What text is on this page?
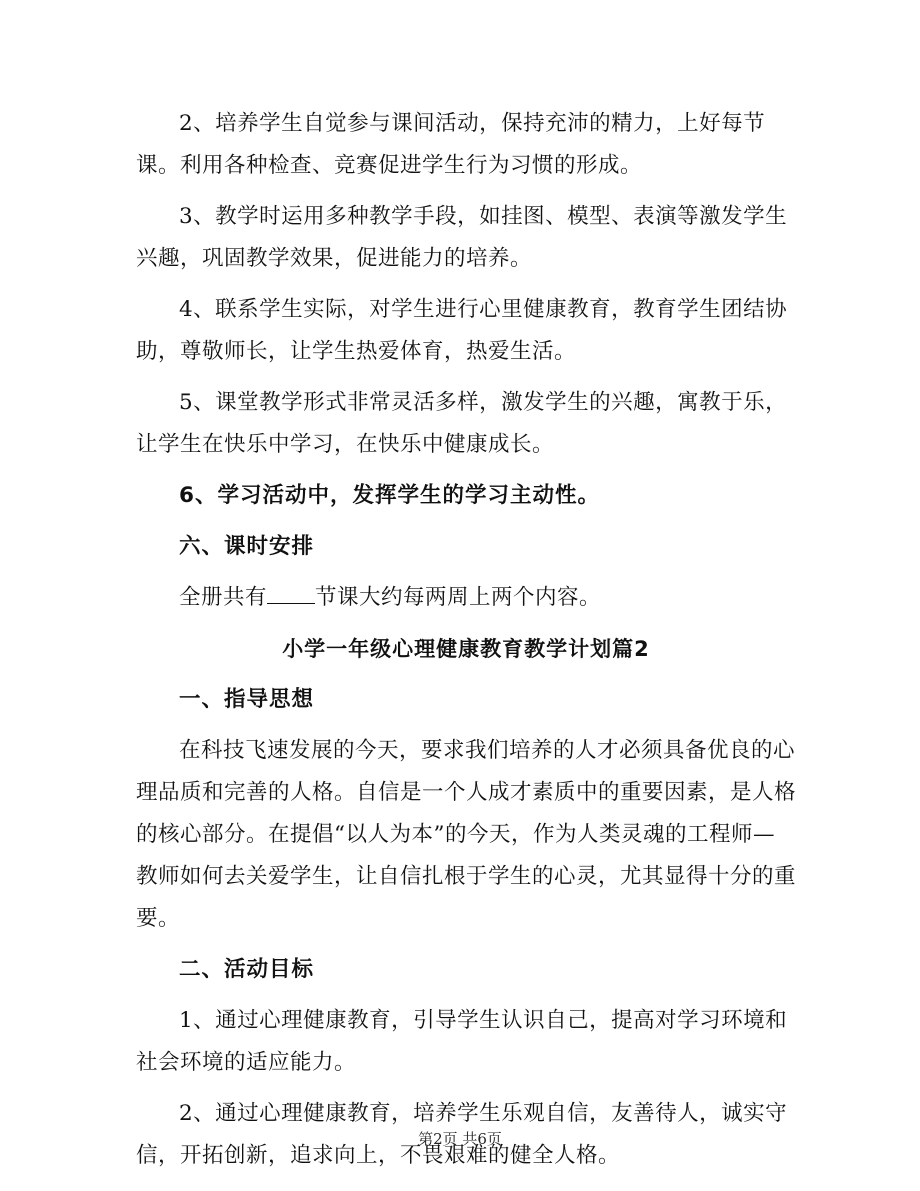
2、培养学生自觉参与课间活动，保持充沛的精力，上好每节课。利用各种检查、竞赛促进学生行为习惯的形成。

3、教学时运用多种教学手段，如挂图、模型、表演等激发学生兴趣，巩固教学效果，促进能力的培养。

4、联系学生实际，对学生进行心里健康教育，教育学生团结协助，尊敬师长，让学生热爱体育，热爱生活。

5、课堂教学形式非常灵活多样，激发学生的兴趣，寓教于乐，让学生在快乐中学习，在快乐中健康成长。

6、学习活动中，发挥学生的学习主动性。

六、课时安排

全册共有 节课大约每两周上两个内容。

小学一年级心理健康教育教学计划篇2

一、指导思想

在科技飞速发展的今天，要求我们培养的人才必须具备优良的心理品质和完善的人格。自信是一个人成才素质中的重要因素，是人格的核心部分。在提倡“以人为本”的今天，作为人类灵魂的工程师—教师如何去关爱学生，让自信扎根于学生的心灵，尤其显得十分的重要。

二、活动目标

1、通过心理健康教育，引导学生认识自己，提高对学习环境和社会环境的适应能力。

2、通过心理健康教育，培养学生乐观自信，友善待人，诚实守信，开拓创新，追求向上，不畏艰难的健全人格。

第2页 共6页
